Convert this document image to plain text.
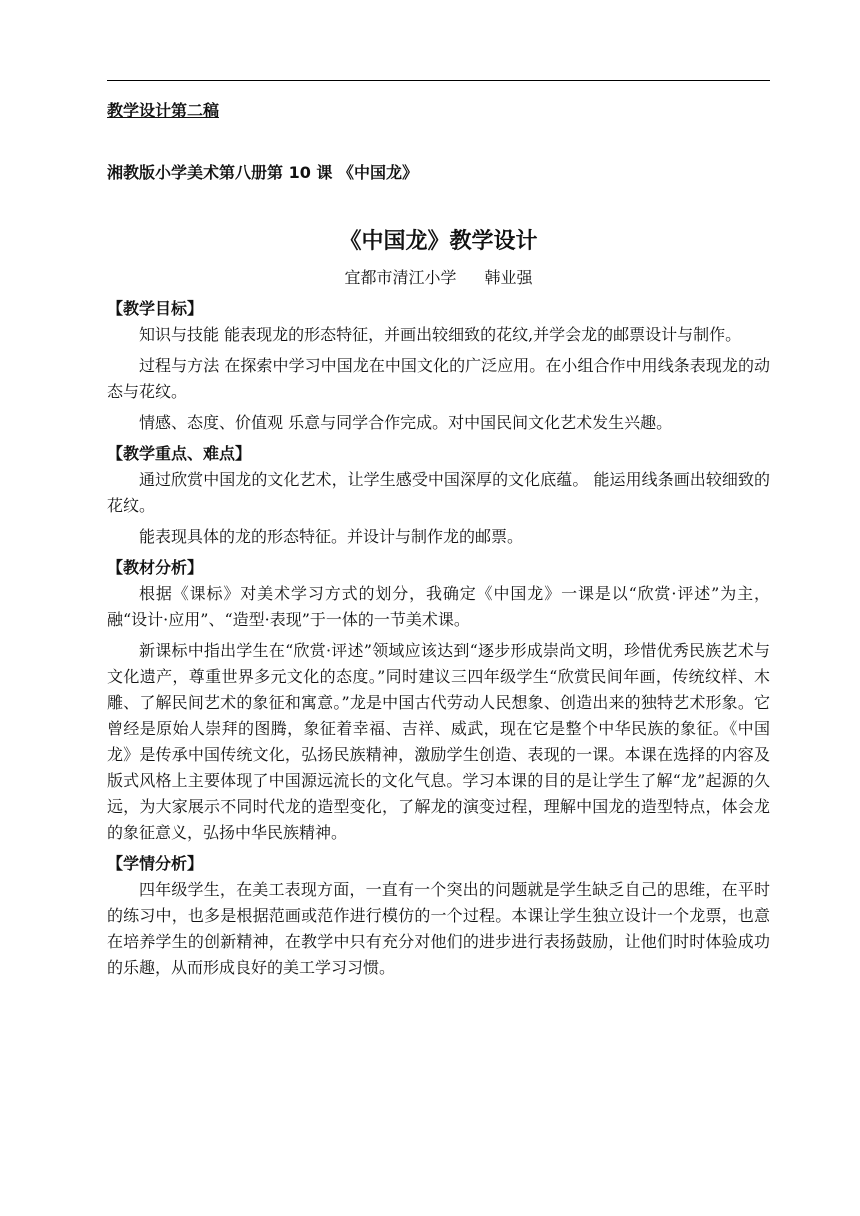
教学设计第二稿
湘教版小学美术第八册第 10 课 《中国龙》
《中国龙》教学设计
宜都市清江小学 韩业强

【教学目标】

知识与技能 能表现龙的形态特征，并画出较细致的花纹,并学会龙的邮票设计与制作。

过程与方法 在探索中学习中国龙在中国文化的广泛应用。在小组合作中用线条表现龙的动态与花纹。

情感、态度、价值观 乐意与同学合作完成。对中国民间文化艺术发生兴趣。

【教学重点、难点】

通过欣赏中国龙的文化艺术，让学生感受中国深厚的文化底蕴。 能运用线条画出较细致的花纹。

能表现具体的龙的形态特征。并设计与制作龙的邮票。

【教材分析】

根据《课标》对美术学习方式的划分，我确定《中国龙》一课是以“欣赏·评述”为主，融“设计·应用”、“造型·表现”于一体的一节美术课。

新课标中指出学生在“欣赏·评述”领域应该达到“逐步形成崇尚文明，珍惜优秀民族艺术与文化遗产，尊重世界多元文化的态度。”同时建议三四年级学生“欣赏民间年画，传统纹样、木雕、了解民间艺术的象征和寓意。”龙是中国古代劳动人民想象、创造出来的独特艺术形象。它曾经是原始人崇拜的图腾，象征着幸福、吉祥、威武，现在它是整个中华民族的象征。《中国龙》是传承中国传统文化，弘扬民族精神，激励学生创造、表现的一课。本课在选择的内容及版式风格上主要体现了中国源远流长的文化气息。学习本课的目的是让学生了解“龙”起源的久远，为大家展示不同时代龙的造型变化，了解龙的演变过程，理解中国龙的造型特点，体会龙的象征意义，弘扬中华民族精神。

【学情分析】

四年级学生，在美工表现方面，一直有一个突出的问题就是学生缺乏自己的思维，在平时的练习中，也多是根据范画或范作进行模仿的一个过程。本课让学生独立设计一个龙票，也意在培养学生的创新精神，在教学中只有充分对他们的进步进行表扬鼓励，让他们时时体验成功的乐趣，从而形成良好的美工学习习惯。
